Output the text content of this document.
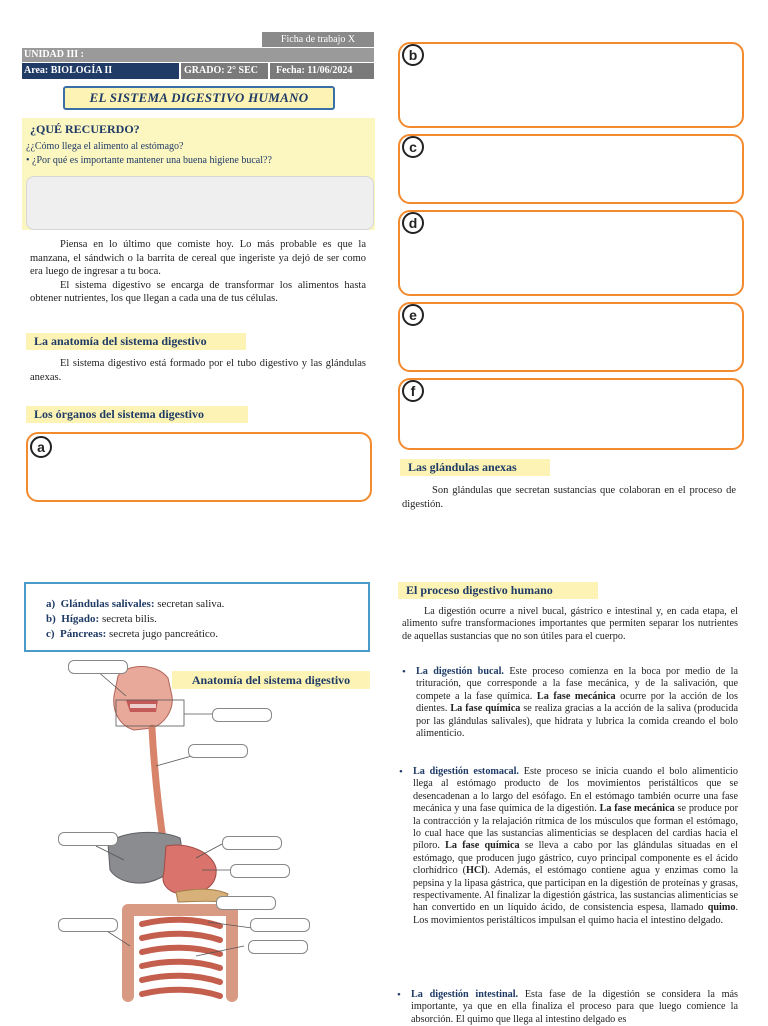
Ficha de trabajo X
UNIDAD III :
Area: BIOLOGÍA II	GRADO: 2° SEC	Fecha: 11/06/2024
EL SISTEMA DIGESTIVO HUMANO
¿QUÉ RECUERDO?
¿¿Cómo llega el alimento al estómago?
• ¿Por qué es importante mantener una buena higiene bucal??

Piensa en lo último que comiste hoy. Lo más probable es que la manzana, el sándwich o la barrita de cereal que ingeriste ya dejó de ser como era luego de ingresar a tu boca.

El sistema digestivo se encarga de transformar los alimentos hasta obtener nutrientes, los que llegan a cada una de tus células.

La anatomía del sistema digestivo

El sistema digestivo está formado por el tubo digestivo y las glándulas anexas.

Los órganos del sistema digestivo
a
b
c
d
e
f
Las glándulas anexas

Son glándulas que secretan sustancias que colaboran en el proceso de digestión.

a) Glándulas salivales: secretan saliva.
b) Hígado: secreta bilis.
c) Páncreas: secreta jugo pancreático.
Anatomía del sistema digestivo
El proceso digestivo humano
La digestión ocurre a nivel bucal, gástrico e intestinal y, en cada etapa, el alimento sufre transformaciones importantes que permiten separar los nutrientes de aquellas sustancias que no son útiles para el cuerpo.
• La digestión bucal. Este proceso comienza en la boca por medio de la trituración, que corresponde a la fase mecánica, y de la salivación, que compete a la fase química. La fase mecánica ocurre por la acción de los dientes. La fase química se realiza gracias a la acción de la saliva (producida por las glándulas salivales), que hidrata y lubrica la comida creando el bolo alimenticio.
• La digestión estomacal. Este proceso se inicia cuando el bolo alimenticio llega al estómago producto de los movimientos peristálticos que se desencadenan a lo largo del esófago. En el estómago también ocurre una fase mecánica y una fase química de la digestión. La fase mecánica se produce por la contracción y la relajación rítmica de los músculos que forman el estómago, lo cual hace que las sustancias alimenticias se desplacen del cardias hacia el píloro. La fase química se lleva a cabo por las glándulas situadas en el estómago, que producen jugo gástrico, cuyo principal componente es el ácido clorhídrico (HCl). Además, el estómago contiene agua y enzimas como la pepsina y la lipasa gástrica, que participan en la digestión de proteínas y grasas, respectivamente. Al finalizar la digestión gástrica, las sustancias alimenticias se han convertido en un líquido ácido, de consistencia espesa, llamado quimo. Los movimientos peristálticos impulsan el quimo hacia el intestino delgado.
• La digestión intestinal. Esta fase de la digestión se considera la más importante, ya que en ella finaliza el proceso para que luego comience la absorción. El quimo que llega al intestino delgado es
